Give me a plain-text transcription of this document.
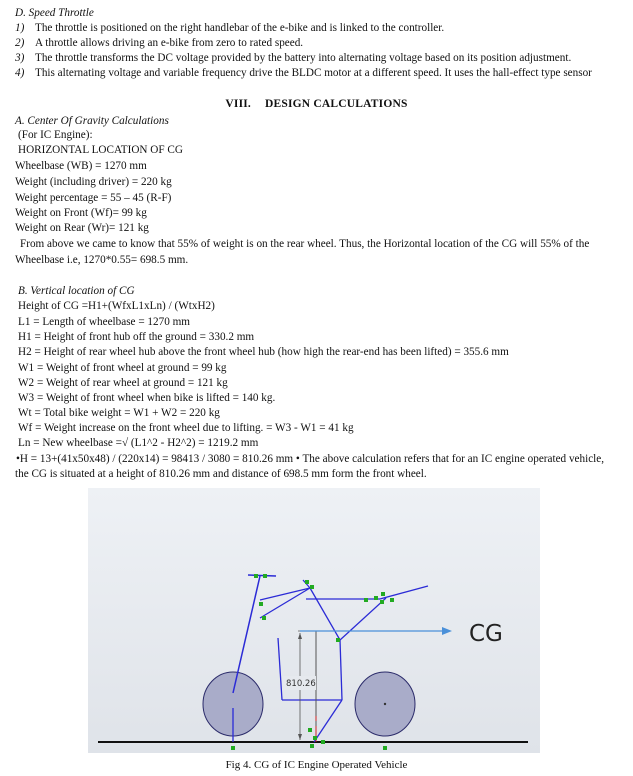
D. Speed Throttle
1) The throttle is positioned on the right handlebar of the e-bike and is linked to the controller.
2) A throttle allows driving an e-bike from zero to rated speed.
3) The throttle transforms the DC voltage provided by the battery into alternating voltage based on its position adjustment.
4) This alternating voltage and variable frequency drive the BLDC motor at a different speed. It uses the hall-effect type sensor
VIII. DESIGN CALCULATIONS
A. Center Of Gravity Calculations
(For IC Engine):
HORIZONTAL LOCATION OF CG
Wheelbase (WB) = 1270 mm
Weight (including driver) = 220 kg
Weight percentage = 55 – 45 (R-F)
Weight on Front (Wf)= 99 kg
Weight on Rear (Wr)= 121 kg
From above we came to know that 55% of weight is on the rear wheel. Thus, the Horizontal location of the CG will 55% of the
Wheelbase i.e, 1270*0.55= 698.5 mm.
B. Vertical location of CG
Height of CG =H1+(WfxL1xLn) / (WtxH2)
L1 = Length of wheelbase = 1270 mm
H1 = Height of front hub off the ground = 330.2 mm
H2 = Height of rear wheel hub above the front wheel hub (how high the rear-end has been lifted) = 355.6 mm
W1 = Weight of front wheel at ground = 99 kg
W2 = Weight of rear wheel at ground = 121 kg
W3 = Weight of front wheel when bike is lifted = 140 kg.
Wt = Total bike weight = W1 + W2 = 220 kg
Wf = Weight increase on the front wheel due to lifting. = W3 - W1 = 41 kg
Ln = New wheelbase =√ (L1^2 - H2^2) = 1219.2 mm
•H = 13+(41x50x48) / (220x14) = 98413 / 3080 = 810.26 mm • The above calculation refers that for an IC engine operated vehicle,
the CG is situated at a height of 810.26 mm and distance of 698.5 mm form the front wheel.
810.26
CG
Fig 4. CG of IC Engine Operated Vehicle
